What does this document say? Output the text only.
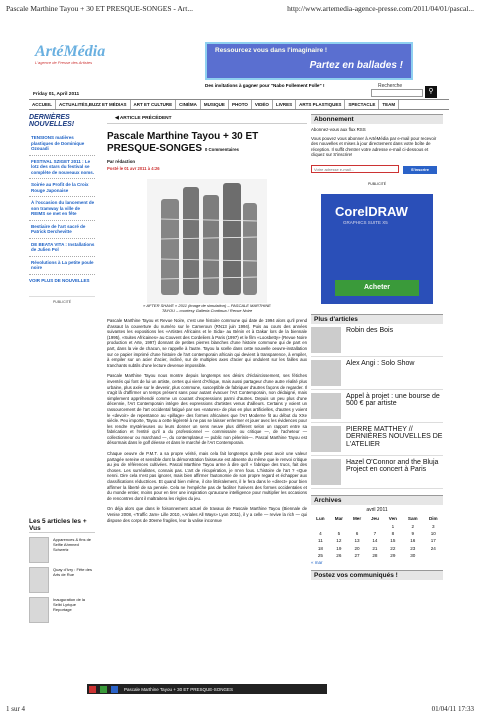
Pascale Marthine Tayou + 30 ET PRESQUE-SONGES - Art...	http://www.artemedia-agence-presse.com/2011/04/01/pascal...
ArtéMédia
L'agence de Presse des Artistes
Ressourcez vous dans l'imaginaire !
Partez en ballades !
Des invitations à gagner pour "Nabo Follement Folle" !
Friday 01, April 2011
Recherche
⚲
ACCUEIL	ACTUALITÉS,BUZZ ET MÉDIAS	ART ET CULTURE	CINÉMA	MUSIQUE	PHOTO	VIDÉO	LIVRES	ARTS PLASTIQUES	SPECTACLE	TEAM
DERNIÈRES NOUVELLES!
TENSIONS matières plastiques de Dominique Ozouadi
FESTIVAL SZIGET 2011 : Le lotz des stars du festival se complète de nouveaux noms.
Soirée au Profit de la Croix Rouge Japonaise
À l'occasion du lancement de son tramway la ville de REIMS se met en fête
Bestiaire de l'art sacré de Patrick Derchevitte
DE BEATA VITA : Installations de Julien Pol
Révolutions à La petite poule noire
VOIR PLUS DE NOUVELLES
PUBLICITÉ
Les 5 articles les + Vus
Apparences & fins de Selfie Ahmned Schwrrtz
Quay d'Ivry : Fête des Arts de Rue
Inauguration de la Selbi Lyrique Reportage
◀ ARTICLE PRÉCÉDENT
Pascale Marthine Tayou + 30 ET PRESQUE-SONGES 0 Commentaires
Par rédaction
Posté le 01 avr 2011 à 4:26
« AFTER SHAVE » 2011 (image de simulation) – PASCALE MARTHINE TAYOU – courtesy Galleria Continua / Revue Noire
Pascale Marthine Tayou et Revue Noire, c'est une histoire commune qui date de 1994 alors qu'il prend d'assaut la couverture du numéro sur le Cameroun (RN13 juin 1994). Puis au cours des années suivantes les expositions les «Artistes Africains et le Sida» au Bénin et à Dakar lors de la biennale (1995), «Suites Africaines» au Couvent des Cordeliers à Paris (1997) et le film «Loosbetty» (Revue Noire production et Arte, 1997) donnant de petites pierres blanches d'une histoire commune qui de part en part, dans la vie de chacun, se rappelle à l'autre. Tayou la scelle dans cette nouvelle oeuvre-installation sur ce papier imprimé d'une histoire de l'art contemporain africain qui devient à transparence, à empiler, à empiler sur un acier d'acier, incliné, sur de multiples axes d'acier qui ondulent sur les failles aux tranchants subtils d'une lecture devenue impossible.
Pascale Marthine Tayou nous montre depuis longtemps ses désirs d'éclaircissement, ses fétiches inventés qui font de lui un artiste, certes qui vient d'Afrique, mais aussi partageur d'une autre réalité plus urbaine, plus axée sur le devenir, plus commune, susceptible de fabriquer d'autres façons de regarder. Il s'agit là d'affirmer un temps présent sans pour autant évacuer l'Art Contemporain, non dédaigné, mais simplement appréhendé comme un courant d'expressions parmi d'autres. Depuis un peu plus d'une décennie, l'Art Contemporain intègre des expressions d'artistes venus d'ailleurs. Certains y voient un rassourcement de l'art occidental fatigué par ses «natures» de plus en plus artificielles, d'autres y voient le «devoir» de repentance au «pillage» des formes africaines que l'Art Moderne fit au début du XXe siècle. Peu importe, Tayou a cette légèreté à ne pas se laisser enfermer et jouer avec les évidences pour les rendre mystérieuses ou leurs donner un sens neuve plus différent selon un rapport entre sa fabrication et l'entité qu'il a du professionnel — commissaire ou critique —, de l'acheteur — collectionneur ou marchand —, du contemplateur — public non pèlerinis—. Pascal Marthine Tayou est désormais dans le golf déesse et dans le marché de l'Art Contemporain.
Chaque oeuvre de P.M.T. a sa propre vérité, mais cela fait longtemps qu'elle peut avoir une valeur partagée sereine et sensible dont la démonstration faisseuse est absente du même que le renvoi critique au jeu de références cultivées. Pascal Marthine Tayou arme à dire qu'il « fabrique des trucs, fait des choses. Les surréalistes, connais pas. L'art de récupération, je m'en fous. L'histoire de l'art ? «Que nenni. Dire cela n'est pas ignorer, mais bien affirmer l'autonomie de son propre regard et échapper aux classifications réductrices. Et quand bien même, il cite littéralement, il le fera dans le «direct» pour bien affirmer la liberté de sa pensée. Cela ne l'empêche pas de faciliter l'univers des formes occidentales et du monde entier, moins pour en tirer une inspiration qu'aucune intelligence pour multiplier les occasions de rencontres dont il maltraitera les règles du jeu.
On déja alors que dans le foisonnement actuel de travaux de Pascale Marthine Tayou (Biennale de Venise 2008, «Traffic Jam» Lille 2010, «Ariales All Ways» Lyon 2011), il y a celle — revive la rich — qui dispose des corps de 30eme fragiles, leur la valise inconnue
Abonnement
Abonnez-vous aux flux RSS
Vous pouvez vous abonner à ArtéMédia par e-mail pour recevoir des nouvelles et mises à jour directement dans votre boîte de réception. Il suffit d'entrer votre adresse e-mail ci-dessous et cliquez sur S'inscrire!
Votre adresse e-mail...S'inscrire
PUBLICITÉ
CorelDRAW
GRAPHICS SUITE X5
Acheter
Plus d'articles
Robin des Bois
Alex Angi : Solo Show
Appel à projet : une bourse de 500 € par artiste
PIERRE MATTHEY // DERNIÈRES NOUVELLES DE L'ATELIER
Hazel O'Connor and the Bluja Project en concert à Paris
Archives
avril 2011
Lun	Mar	Mer	Jeu	Ven	Sam	Dim
				1	2	3
4	5	6	7	8	9	10
11	12	13	14	15	16	17
18	19	20	21	22	23	24
25	26	27	28	29	30	
« mar
Postez vos communiqués !
Pascale Marthine Tayou + 30 ET PRESQUE-SONGES
1 sur 4	01/04/11 17:33
